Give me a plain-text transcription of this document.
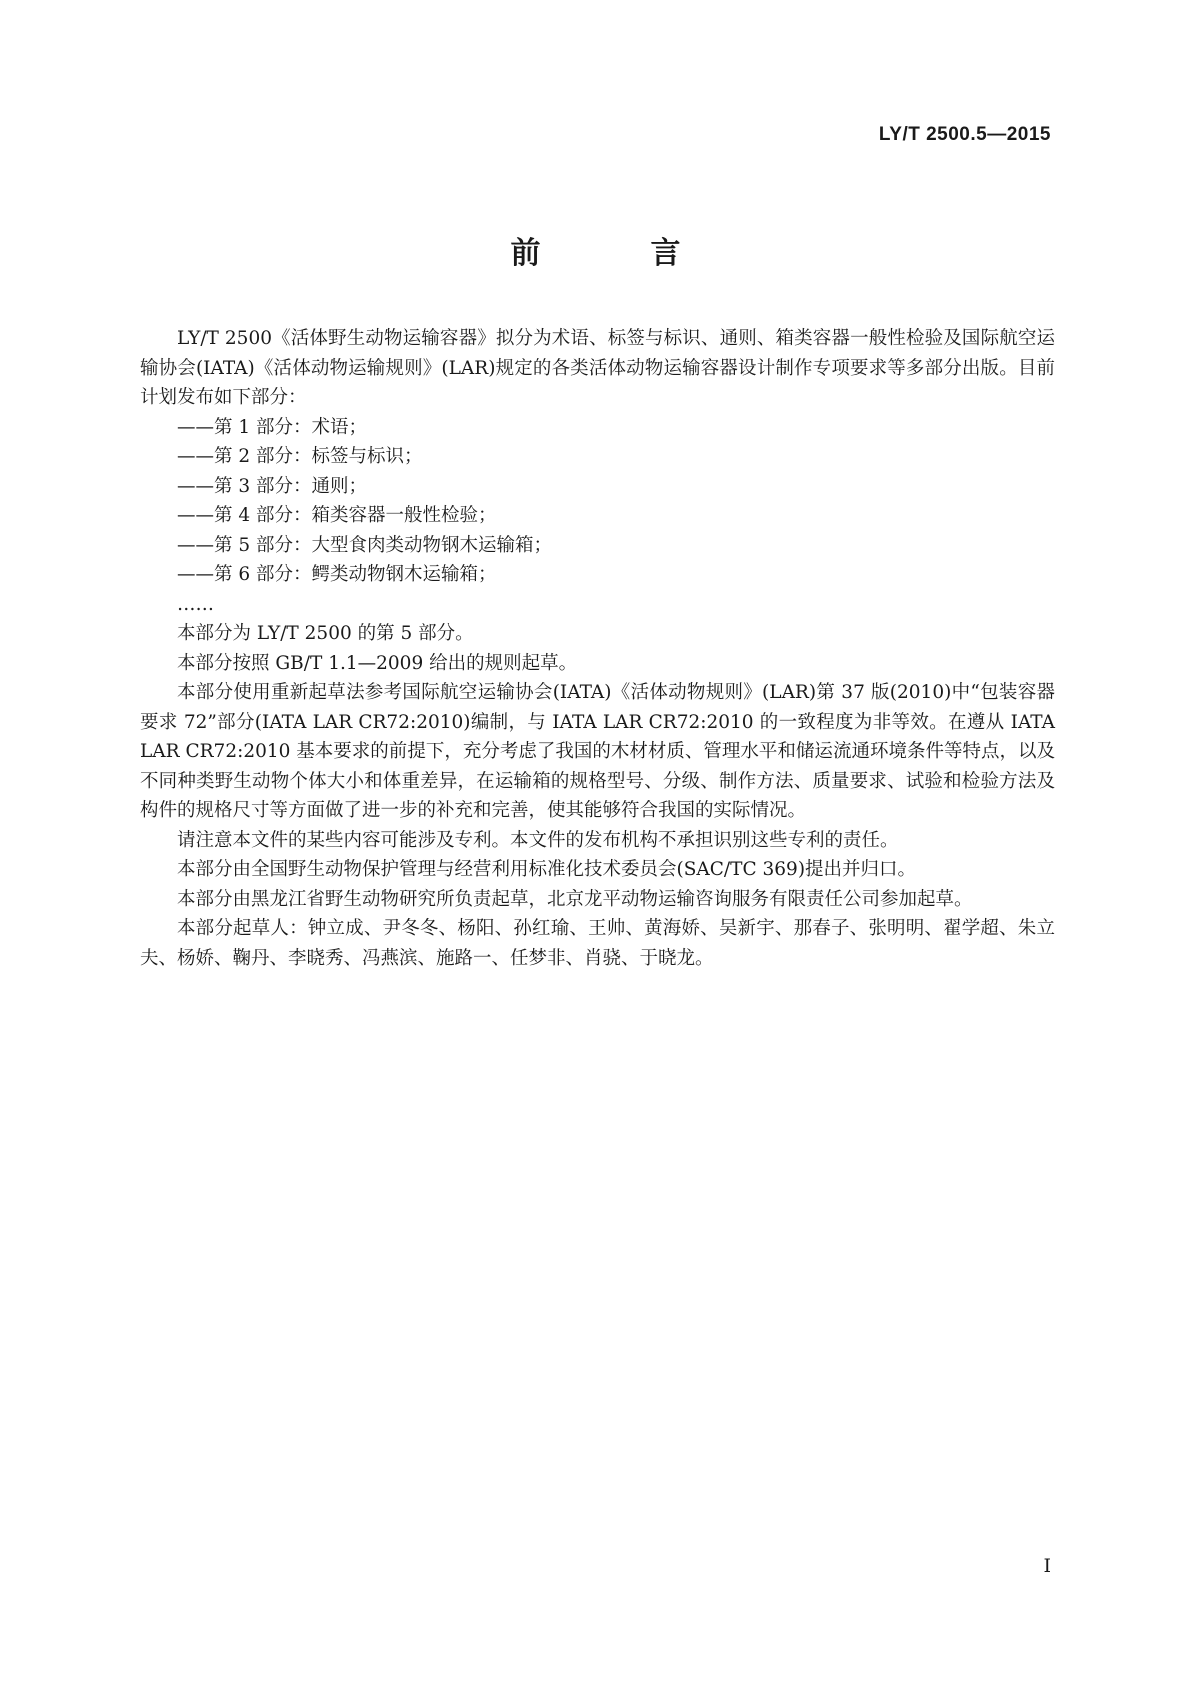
LY/T 2500.5—2015
前　言

LY/T 2500《活体野生动物运输容器》拟分为术语、标签与标识、通则、箱类容器一般性检验及国际航空运输协会(IATA)《活体动物运输规则》(LAR)规定的各类活体动物运输容器设计制作专项要求等多部分出版。目前计划发布如下部分：

——第 1 部分：术语；

——第 2 部分：标签与标识；

——第 3 部分：通则；

——第 4 部分：箱类容器一般性检验；

——第 5 部分：大型食肉类动物钢木运输箱；

——第 6 部分：鳄类动物钢木运输箱；

……

本部分为 LY/T 2500 的第 5 部分。

本部分按照 GB/T 1.1—2009 给出的规则起草。

本部分使用重新起草法参考国际航空运输协会(IATA)《活体动物规则》(LAR)第 37 版(2010)中“包装容器要求 72”部分(IATA LAR CR72:2010)编制，与 IATA LAR CR72:2010 的一致程度为非等效。在遵从 IATA LAR CR72:2010 基本要求的前提下，充分考虑了我国的木材材质、管理水平和储运流通环境条件等特点，以及不同种类野生动物个体大小和体重差异，在运输箱的规格型号、分级、制作方法、质量要求、试验和检验方法及构件的规格尺寸等方面做了进一步的补充和完善，使其能够符合我国的实际情况。

请注意本文件的某些内容可能涉及专利。本文件的发布机构不承担识别这些专利的责任。

本部分由全国野生动物保护管理与经营利用标准化技术委员会(SAC/TC 369)提出并归口。

本部分由黑龙江省野生动物研究所负责起草，北京龙平动物运输咨询服务有限责任公司参加起草。

本部分起草人：钟立成、尹冬冬、杨阳、孙红瑜、王帅、黄海娇、吴新宇、那春子、张明明、翟学超、朱立夫、杨娇、鞠丹、李晓秀、冯燕滨、施路一、任梦非、肖骁、于晓龙。

I
